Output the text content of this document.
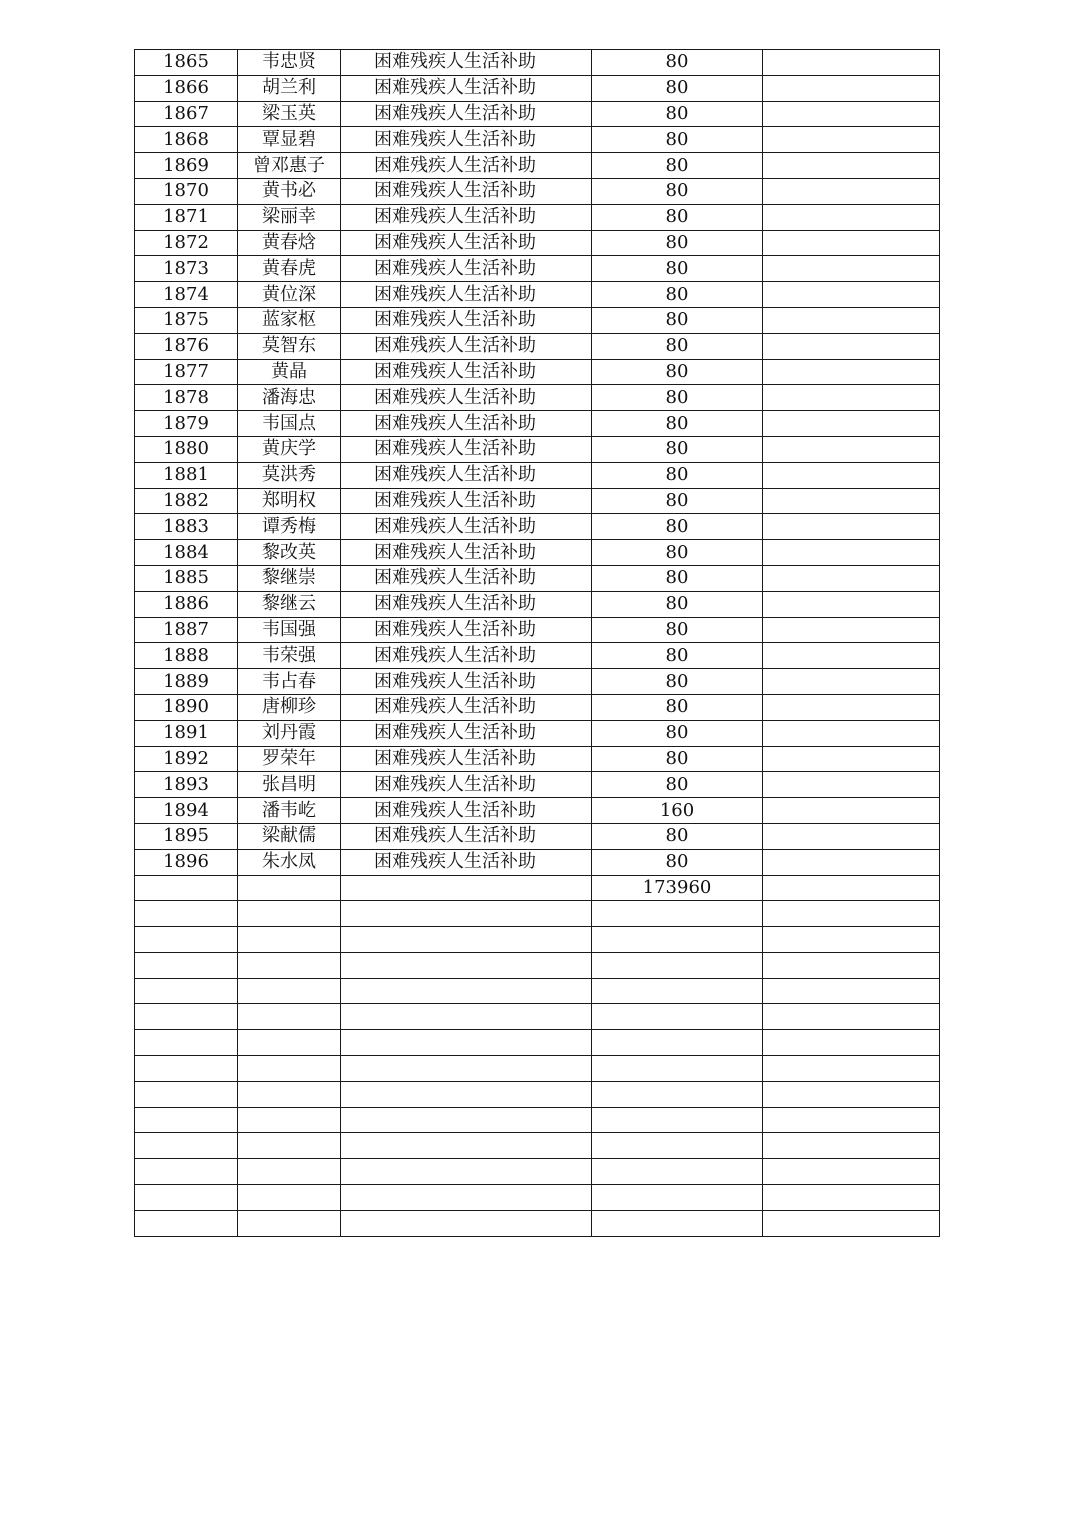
1865	韦忠贤	困难残疾人生活补助	80	
1866	胡兰利	困难残疾人生活补助	80	
1867	梁玉英	困难残疾人生活补助	80	
1868	覃显碧	困难残疾人生活补助	80	
1869	曾邓惠子	困难残疾人生活补助	80	
1870	黄书必	困难残疾人生活补助	80	
1871	梁丽幸	困难残疾人生活补助	80	
1872	黄春焓	困难残疾人生活补助	80	
1873	黄春虎	困难残疾人生活补助	80	
1874	黄位深	困难残疾人生活补助	80	
1875	蓝家枢	困难残疾人生活补助	80	
1876	莫智东	困难残疾人生活补助	80	
1877	黄晶	困难残疾人生活补助	80	
1878	潘海忠	困难残疾人生活补助	80	
1879	韦国点	困难残疾人生活补助	80	
1880	黄庆学	困难残疾人生活补助	80	
1881	莫洪秀	困难残疾人生活补助	80	
1882	郑明权	困难残疾人生活补助	80	
1883	谭秀梅	困难残疾人生活补助	80	
1884	黎改英	困难残疾人生活补助	80	
1885	黎继崇	困难残疾人生活补助	80	
1886	黎继云	困难残疾人生活补助	80	
1887	韦国强	困难残疾人生活补助	80	
1888	韦荣强	困难残疾人生活补助	80	
1889	韦占春	困难残疾人生活补助	80	
1890	唐柳珍	困难残疾人生活补助	80	
1891	刘丹霞	困难残疾人生活补助	80	
1892	罗荣年	困难残疾人生活补助	80	
1893	张昌明	困难残疾人生活补助	80	
1894	潘韦屹	困难残疾人生活补助	160	
1895	梁献儒	困难残疾人生活补助	80	
1896	朱水凤	困难残疾人生活补助	80	
			173960	
